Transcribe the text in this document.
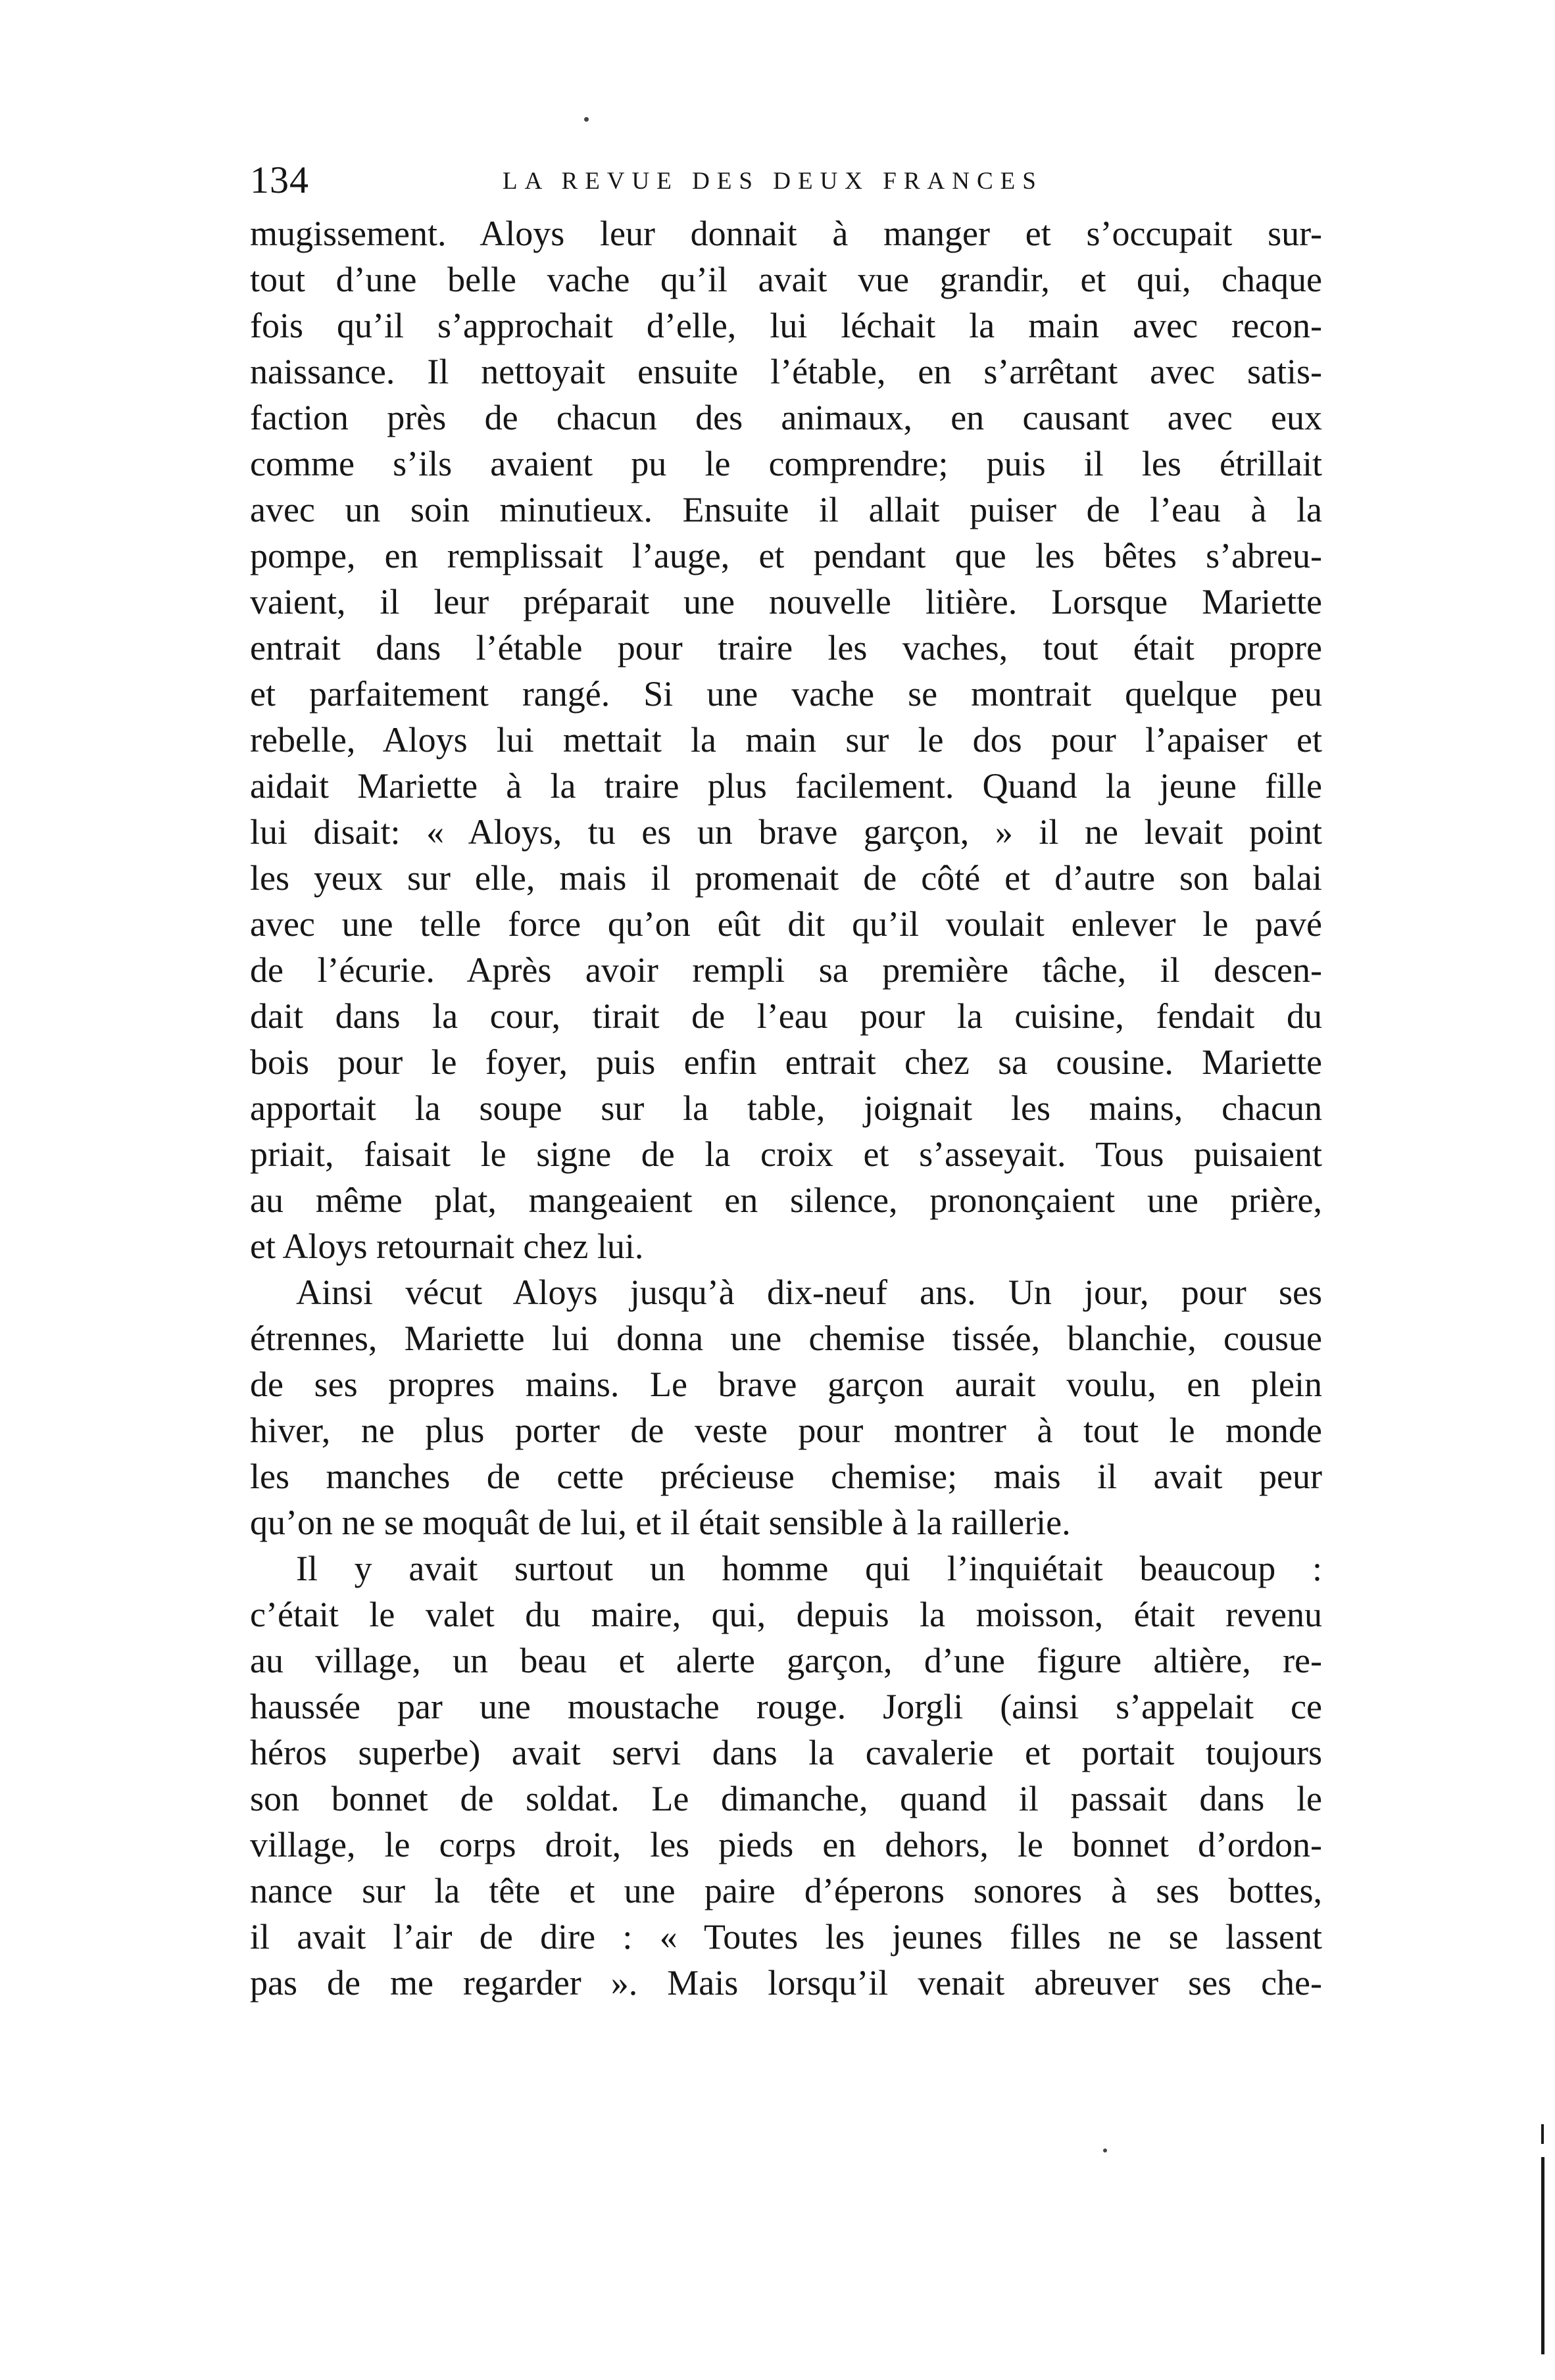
134	LA REVUE DES DEUX FRANCES
mugissement. Aloys leur donnait à manger et s’occupait sur-
tout d’une belle vache qu’il avait vue grandir, et qui, chaque
fois qu’il s’approchait d’elle, lui léchait la main avec recon-
naissance. Il nettoyait ensuite l’étable, en s’arrêtant avec satis-
faction près de chacun des animaux, en causant avec eux
comme s’ils avaient pu le comprendre; puis il les étrillait
avec un soin minutieux. Ensuite il allait puiser de l’eau à la
pompe, en remplissait l’auge, et pendant que les bêtes s’abreu-
vaient, il leur préparait une nouvelle litière. Lorsque Mariette
entrait dans l’étable pour traire les vaches, tout était propre
et parfaitement rangé. Si une vache se montrait quelque peu
rebelle, Aloys lui mettait la main sur le dos pour l’apaiser et
aidait Mariette à la traire plus facilement. Quand la jeune fille
lui disait: « Aloys, tu es un brave garçon, » il ne levait point
les yeux sur elle, mais il promenait de côté et d’autre son balai
avec une telle force qu’on eût dit qu’il voulait enlever le pavé
de l’écurie. Après avoir rempli sa première tâche, il descen-
dait dans la cour, tirait de l’eau pour la cuisine, fendait du
bois pour le foyer, puis enfin entrait chez sa cousine. Mariette
apportait la soupe sur la table, joignait les mains, chacun
priait, faisait le signe de la croix et s’asseyait. Tous puisaient
au même plat, mangeaient en silence, prononçaient une prière,
et Aloys retournait chez lui.
Ainsi vécut Aloys jusqu’à dix-neuf ans. Un jour, pour ses
étrennes, Mariette lui donna une chemise tissée, blanchie, cousue
de ses propres mains. Le brave garçon aurait voulu, en plein
hiver, ne plus porter de veste pour montrer à tout le monde
les manches de cette précieuse chemise; mais il avait peur
qu’on ne se moquât de lui, et il était sensible à la raillerie.
Il y avait surtout un homme qui l’inquiétait beaucoup :
c’était le valet du maire, qui, depuis la moisson, était revenu
au village, un beau et alerte garçon, d’une figure altière, re-
haussée par une moustache rouge. Jorgli (ainsi s’appelait ce
héros superbe) avait servi dans la cavalerie et portait toujours
son bonnet de soldat. Le dimanche, quand il passait dans le
village, le corps droit, les pieds en dehors, le bonnet d’ordon-
nance sur la tête et une paire d’éperons sonores à ses bottes,
il avait l’air de dire : « Toutes les jeunes filles ne se lassent
pas de me regarder ». Mais lorsqu’il venait abreuver ses che-
